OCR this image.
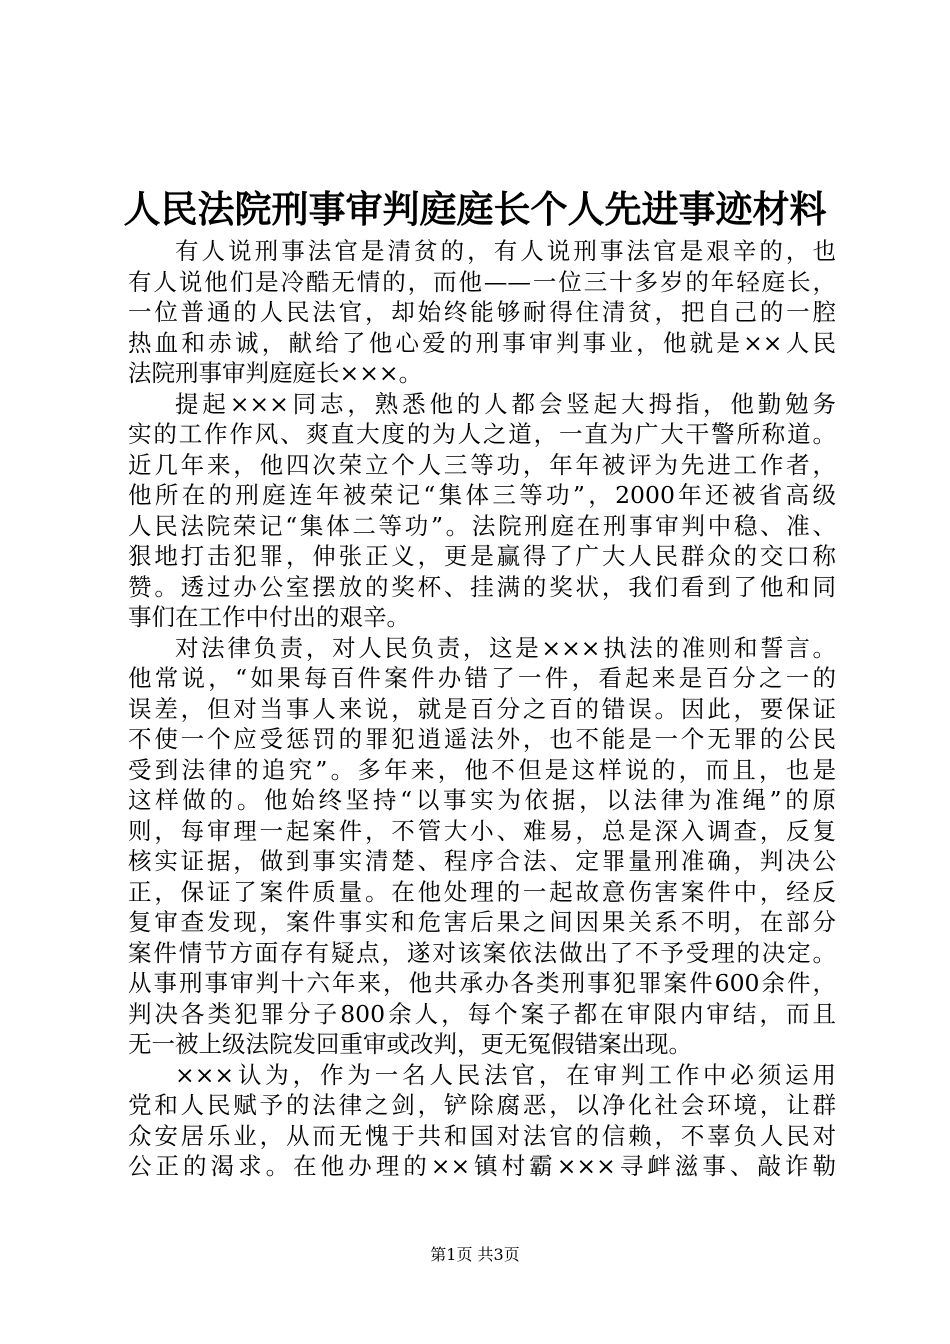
人民法院刑事审判庭庭长个人先进事迹材料
有人说刑事法官是清贫的，有人说刑事法官是艰辛的，也
有人说他们是冷酷无情的，而他——一位三十多岁的年轻庭长，
一位普通的人民法官，却始终能够耐得住清贫，把自己的一腔
热血和赤诚，献给了他心爱的刑事审判事业，他就是××人民
法院刑事审判庭庭长×××。
提起×××同志，熟悉他的人都会竖起大拇指，他勤勉务
实的工作作风、爽直大度的为人之道，一直为广大干警所称道。
近几年来，他四次荣立个人三等功，年年被评为先进工作者，
他所在的刑庭连年被荣记“集体三等功”，2000年还被省高级
人民法院荣记“集体二等功”。法院刑庭在刑事审判中稳、准、
狠地打击犯罪，伸张正义，更是赢得了广大人民群众的交口称
赞。透过办公室摆放的奖杯、挂满的奖状，我们看到了他和同
事们在工作中付出的艰辛。
对法律负责，对人民负责，这是×××执法的准则和誓言。
他常说，“如果每百件案件办错了一件，看起来是百分之一的
误差，但对当事人来说，就是百分之百的错误。因此，要保证
不使一个应受惩罚的罪犯逍遥法外，也不能是一个无罪的公民
受到法律的追究”。多年来，他不但是这样说的，而且，也是
这样做的。他始终坚持“以事实为依据，以法律为准绳”的原
则，每审理一起案件，不管大小、难易，总是深入调查，反复
核实证据，做到事实清楚、程序合法、定罪量刑准确，判决公
正，保证了案件质量。在他处理的一起故意伤害案件中，经反
复审查发现，案件事实和危害后果之间因果关系不明，在部分
案件情节方面存有疑点，遂对该案依法做出了不予受理的决定。
从事刑事审判十六年来，他共承办各类刑事犯罪案件600余件，
判决各类犯罪分子800余人，每个案子都在审限内审结，而且
无一被上级法院发回重审或改判，更无冤假错案出现。
×××认为，作为一名人民法官，在审判工作中必须运用
党和人民赋予的法律之剑，铲除腐恶，以净化社会环境，让群
众安居乐业，从而无愧于共和国对法官的信赖，不辜负人民对
公正的渴求。在他办理的××镇村霸×××寻衅滋事、敲诈勒

第1页 共3页
